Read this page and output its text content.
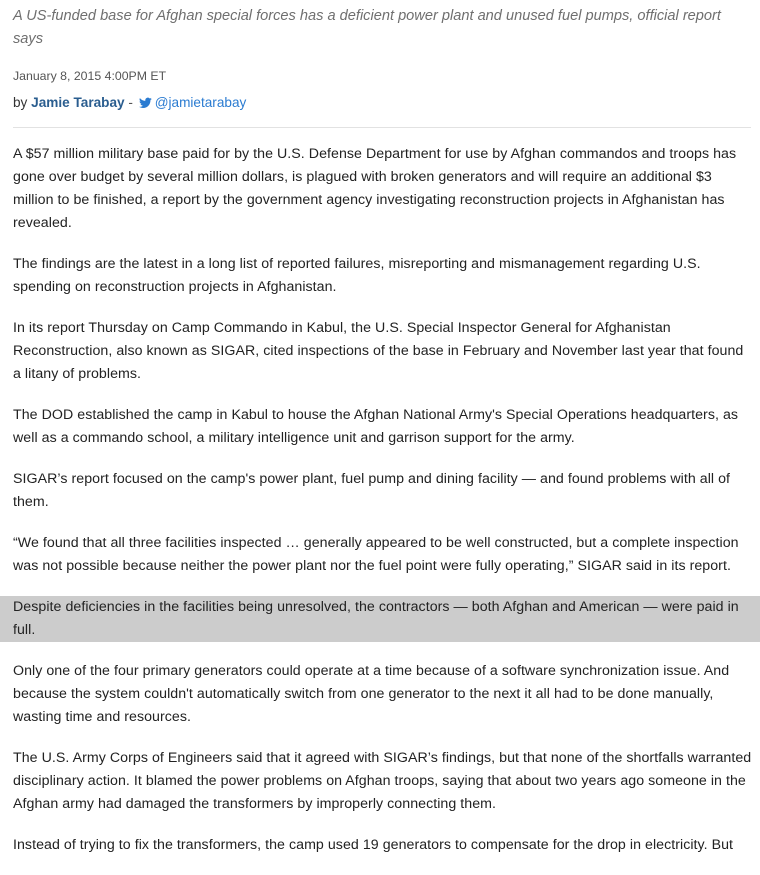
A US-funded base for Afghan special forces has a deficient power plant and unused fuel pumps, official report says
January 8, 2015 4:00PM ET
by Jamie Tarabay - @jamietarabay

A $57 million military base paid for by the U.S. Defense Department for use by Afghan commandos and troops has gone over budget by several million dollars, is plagued with broken generators and will require an additional $3 million to be finished, a report by the government agency investigating reconstruction projects in Afghanistan has revealed.

The findings are the latest in a long list of reported failures, misreporting and mismanagement regarding U.S. spending on reconstruction projects in Afghanistan.

In its report Thursday on Camp Commando in Kabul, the U.S. Special Inspector General for Afghanistan Reconstruction, also known as SIGAR, cited inspections of the base in February and November last year that found a litany of problems.

The DOD established the camp in Kabul to house the Afghan National Army's Special Operations headquarters, as well as a commando school, a military intelligence unit and garrison support for the army.

SIGAR’s report focused on the camp's power plant, fuel pump and dining facility — and found problems with all of them.

“We found that all three facilities inspected … generally appeared to be well constructed, but a complete inspection was not possible because neither the power plant nor the fuel point were fully operating,” SIGAR said in its report.

Despite deficiencies in the facilities being unresolved, the contractors — both Afghan and American — were paid in full.

Only one of the four primary generators could operate at a time because of a software synchronization issue. And because the system couldn't automatically switch from one generator to the next it all had to be done manually, wasting time and resources.

The U.S. Army Corps of Engineers said that it agreed with SIGAR’s findings, but that none of the shortfalls warranted disciplinary action. It blamed the power problems on Afghan troops, saying that about two years ago someone in the Afghan army had damaged the transformers by improperly connecting them.

Instead of trying to fix the transformers, the camp used 19 generators to compensate for the drop in electricity. But
